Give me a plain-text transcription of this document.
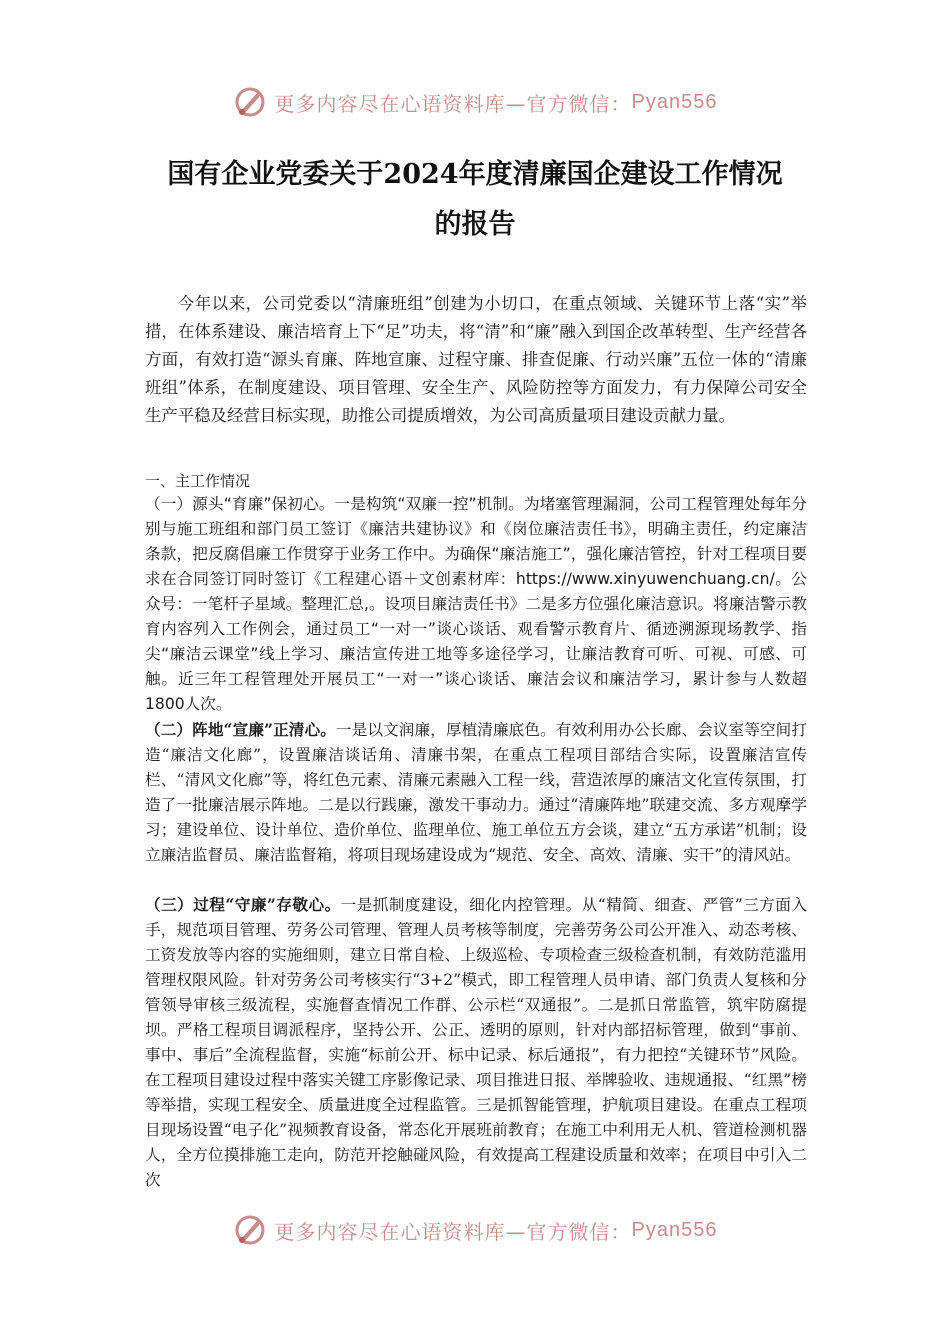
更多内容尽在心语资料库—官方微信： Pyan556
国有企业党委关于2024年度清廉国企建设工作情况
的报告

今年以来，公司党委以“清廉班组”创建为小切口，在重点领域、关键环节上落“实”举措，在体系建设、廉洁培育上下“足”功夫，将“清”和“廉”融入到国企改革转型、生产经营各方面，有效打造“源头育廉、阵地宣廉、过程守廉、排查促廉、行动兴廉”五位一体的“清廉班组”体系，在制度建设、项目管理、安全生产、风险防控等方面发力，有力保障公司安全生产平稳及经营目标实现，助推公司提质增效，为公司高质量项目建设贡献力量。

一、主工作情况

（一）源头“育廉”保初心。一是构筑“双廉一控”机制。为堵塞管理漏洞，公司工程管理处每年分别与施工班组和部门员工签订《廉洁共建协议》和《岗位廉洁责任书》，明确主责任，约定廉洁条款，把反腐倡廉工作贯穿于业务工作中。为确保“廉洁施工”，强化廉洁管控，针对工程项目要求在合同签订同时签订《工程建心语＋文创素材库：https://www.xinyuwenchuang.cn/。公众号：一笔杆子星域。整理汇总,。设项目廉洁责任书》二是多方位强化廉洁意识。将廉洁警示教育内容列入工作例会，通过员工“一对一”谈心谈话、观看警示教育片、循迹溯源现场教学、指尖“廉洁云课堂”线上学习、廉洁宣传进工地等多途径学习，让廉洁教育可听、可视、可感、可触。近三年工程管理处开展员工“一对一”谈心谈话、廉洁会议和廉洁学习，累计参与人数超1800人次。

（二）阵地“宣廉”正清心。一是以文润廉，厚植清廉底色。有效利用办公长廊、会议室等空间打造“廉洁文化廊”，设置廉洁谈话角、清廉书架，在重点工程项目部结合实际，设置廉洁宣传栏、“清风文化廊”等，将红色元素、清廉元素融入工程一线，营造浓厚的廉洁文化宣传氛围，打造了一批廉洁展示阵地。二是以行践廉，激发干事动力。通过“清廉阵地”联建交流、多方观摩学习；建设单位、设计单位、造价单位、监理单位、施工单位五方会谈，建立“五方承诺”机制；设立廉洁监督员、廉洁监督箱，将项目现场建设成为“规范、安全、高效、清廉、实干”的清风站。

（三）过程“守廉”存敬心。一是抓制度建设，细化内控管理。从“精简、细查、严管”三方面入手，规范项目管理、劳务公司管理、管理人员考核等制度，完善劳务公司公开准入、动态考核、工资发放等内容的实施细则，建立日常自检、上级巡检、专项检查三级检查机制，有效防范滥用管理权限风险。针对劳务公司考核实行“3+2”模式，即工程管理人员申请、部门负责人复核和分管领导审核三级流程，实施督查情况工作群、公示栏“双通报”。二是抓日常监管，筑牢防腐提坝。严格工程项目调派程序，坚持公开、公正、透明的原则，针对内部招标管理，做到“事前、事中、事后”全流程监督，实施“标前公开、标中记录、标后通报”，有力把控“关键环节”风险。在工程项目建设过程中落实关键工序影像记录、项目推进日报、举牌验收、违规通报、“红黑”榜等举措，实现工程安全、质量进度全过程监管。三是抓智能管理，护航项目建设。在重点工程项目现场设置“电子化”视频教育设备，常态化开展班前教育；在施工中利用无人机、管道检测机器人，全方位摸排施工走向，防范开挖触碰风险，有效提高工程建设质量和效率；在项目中引入二次

更多内容尽在心语资料库—官方微信： Pyan556
